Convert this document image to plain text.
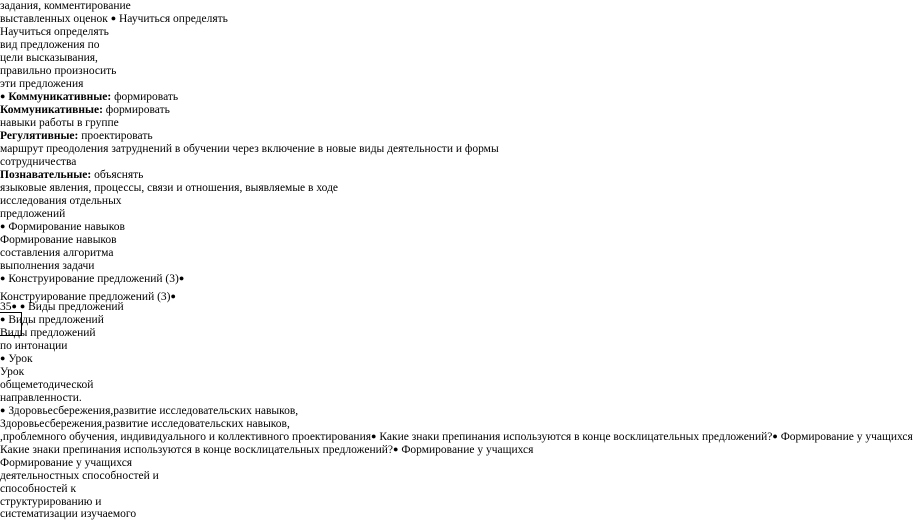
задания, комментирование
выставленных оценок ● Научиться определять
Научиться определять
вид предложения по
цели высказывания,
правильно произносить
эти предложения
● Коммуникативные: формировать
Коммуникативные: формировать
навыки работы в группе
Регулятивные: проектировать
маршрут преодоления затруднений в обучении через включение в новые виды деятельности и формы
сотрудничества
Познавательные: объяснять
языковые явления, процессы, связи и отношения, выявляемые в ходе
исследования отдельных
предложений
● Формирование навыков
Формирование навыков
составления алгоритма
выполнения задачи
● Конструирование предложений (3)●
Конструирование предложений (3)●
35● ● Виды предложений
● Виды предложений
Виды предложений
по интонации
● Урок
Урок
общеметодической
направленности.
● Здоровьесбережения,развитие исследовательских навыков,
Здоровьесбережения,развитие исследовательских навыков,
,проблемного обучения, индивидуального и коллективного проектирования● Какие знаки препинания используются в конце восклицательных предложений?● Формирование у учащихся
Какие знаки препинания используются в конце восклицательных предложений?● Формирование у учащихся
Формирование у учащихся
деятельностных способностей и
способностей к
структурированию и
систематизации изучаемого
